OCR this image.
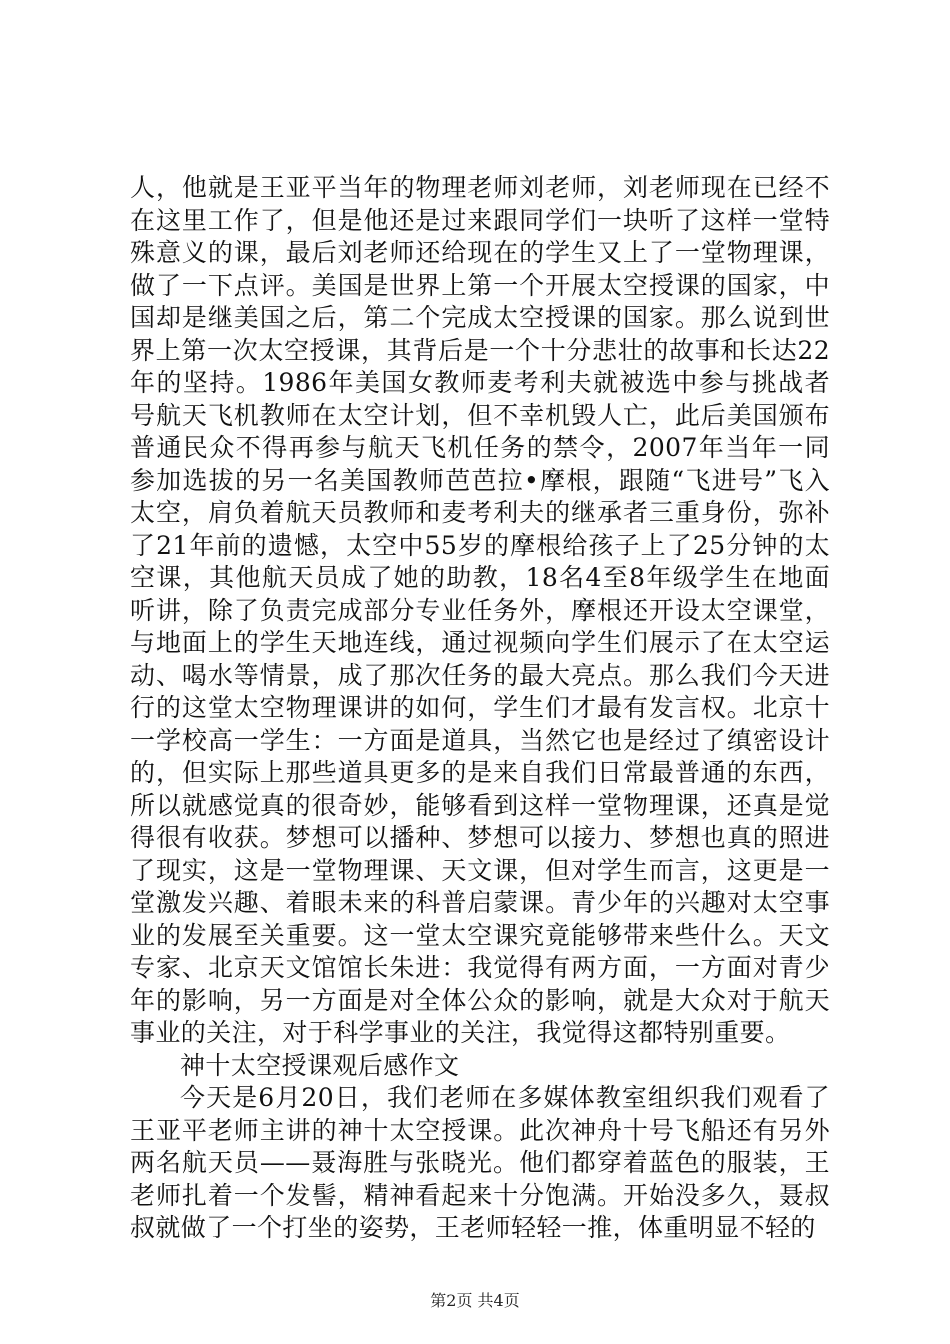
人，他就是王亚平当年的物理老师刘老师，刘老师现在已经不在这里工作了，但是他还是过来跟同学们一块听了这样一堂特殊意义的课，最后刘老师还给现在的学生又上了一堂物理课，做了一下点评。美国是世界上第一个开展太空授课的国家，中国却是继美国之后，第二个完成太空授课的国家。那么说到世界上第一次太空授课，其背后是一个十分悲壮的故事和长达22年的坚持。1986年美国女教师麦考利夫就被选中参与挑战者号航天飞机教师在太空计划，但不幸机毁人亡，此后美国颁布普通民众不得再参与航天飞机任务的禁令，2007年当年一同参加选拔的另一名美国教师芭芭拉•摩根，跟随“飞进号”飞入太空，肩负着航天员教师和麦考利夫的继承者三重身份，弥补了21年前的遗憾，太空中55岁的摩根给孩子上了25分钟的太空课，其他航天员成了她的助教，18名4至8年级学生在地面听讲，除了负责完成部分专业任务外，摩根还开设太空课堂，与地面上的学生天地连线，通过视频向学生们展示了在太空运动、喝水等情景，成了那次任务的最大亮点。那么我们今天进行的这堂太空物理课讲的如何，学生们才最有发言权。北京十一学校高一学生：一方面是道具，当然它也是经过了缜密设计的，但实际上那些道具更多的是来自我们日常最普通的东西，所以就感觉真的很奇妙，能够看到这样一堂物理课，还真是觉得很有收获。梦想可以播种、梦想可以接力、梦想也真的照进了现实，这是一堂物理课、天文课，但对学生而言，这更是一堂激发兴趣、着眼未来的科普启蒙课。青少年的兴趣对太空事业的发展至关重要。这一堂太空课究竟能够带来些什么。天文专家、北京天文馆馆长朱进：我觉得有两方面，一方面对青少年的影响，另一方面是对全体公众的影响，就是大众对于航天事业的关注，对于科学事业的关注，我觉得这都特别重要。

神十太空授课观后感作文

今天是6月20日，我们老师在多媒体教室组织我们观看了王亚平老师主讲的神十太空授课。此次神舟十号飞船还有另外两名航天员——聂海胜与张晓光。他们都穿着蓝色的服装，王老师扎着一个发髻，精神看起来十分饱满。开始没多久，聂叔叔就做了一个打坐的姿势，王老师轻轻一推，体重明显不轻的

第2页 共4页
